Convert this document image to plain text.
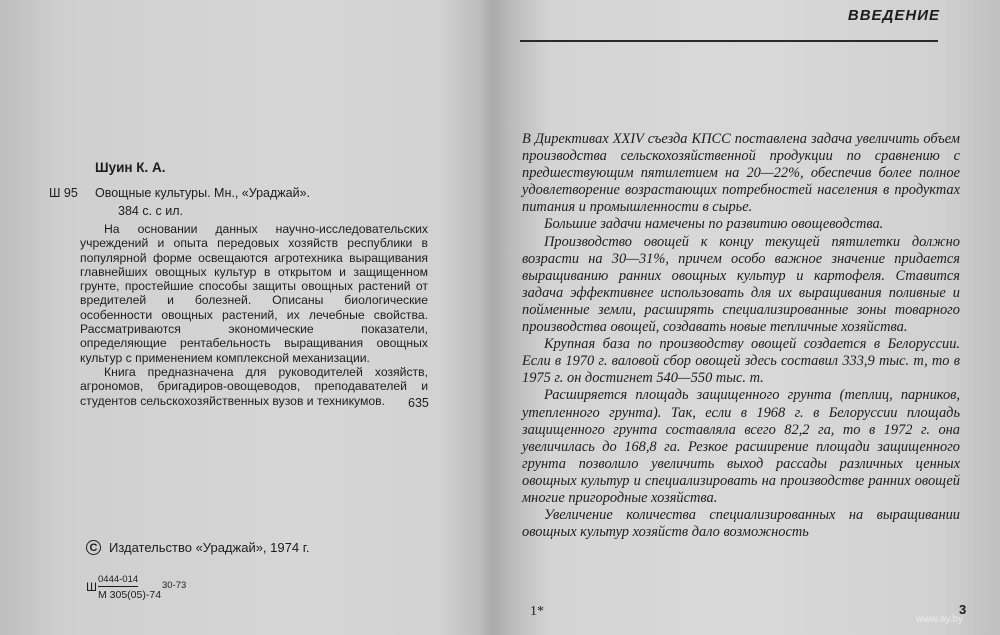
Шуин К. А.
Ш 95 Овощные культуры. Мн., «Ураджай».
384 с. с ил.

На основании данных научно-исследовательских учреждений и опыта передовых хозяйств республики в популярной форме освещаются агротехника выращивания главнейших овощных культур в открытом и защищенном грунте, простейшие способы защиты овощных растений от вредителей и болезней. Описаны биологические особенности овощных растений, их лечебные свойства. Рассматриваются экономические показатели, определяющие рентабельность выращивания овощных культур с применением комплексной механизации.

Книга предназначена для руководителей хозяйств, агрономов, бригадиров-овощеводов, преподавателей и студентов сельскохозяйственных вузов и техникумов.	635
C Издательство «Ураджай», 1974 г.
Ш
0444-014
30-73
М 305(05)-74
ВВЕДЕНИЕ

В Директивах XXIV съезда КПСС поставлена задача увеличить объем производства сельскохозяйственной продукции по сравнению с предшествующим пятилетием на 20—22%, обеспечив более полное удовлетворение возрастающих потребностей населения в продуктах питания и промышленности в сырье.

Большие задачи намечены по развитию овощеводства.

Производство овощей к концу текущей пятилетки должно возрасти на 30—31%, причем особо важное значение придается выращиванию ранних овощных культур и картофеля. Ставится задача эффективнее использовать для их выращивания поливные и пойменные земли, расширять специализированные зоны товарного производства овощей, создавать новые тепличные хозяйства.

Крупная база по производству овощей создается в Белоруссии. Если в 1970 г. валовой сбор овощей здесь составил 333,9 тыс. т, то в 1975 г. он достигнет 540—550 тыс. т.

Расширяется площадь защищенного грунта (теплиц, парников, утепленного грунта). Так, если в 1968 г. в Белоруссии площадь защищенного грунта составляла всего 82,2 га, то в 1972 г. она увеличилась до 168,8 га. Резкое расширение площади защищенного грунта позволило увеличить выход рассады различных ценных овощных культур и специализировать на производстве ранних овощей многие пригородные хозяйства.

Увеличение количества специализированных на выращивании овощных культур хозяйств дало возможность

1*	3
www.ay.by
